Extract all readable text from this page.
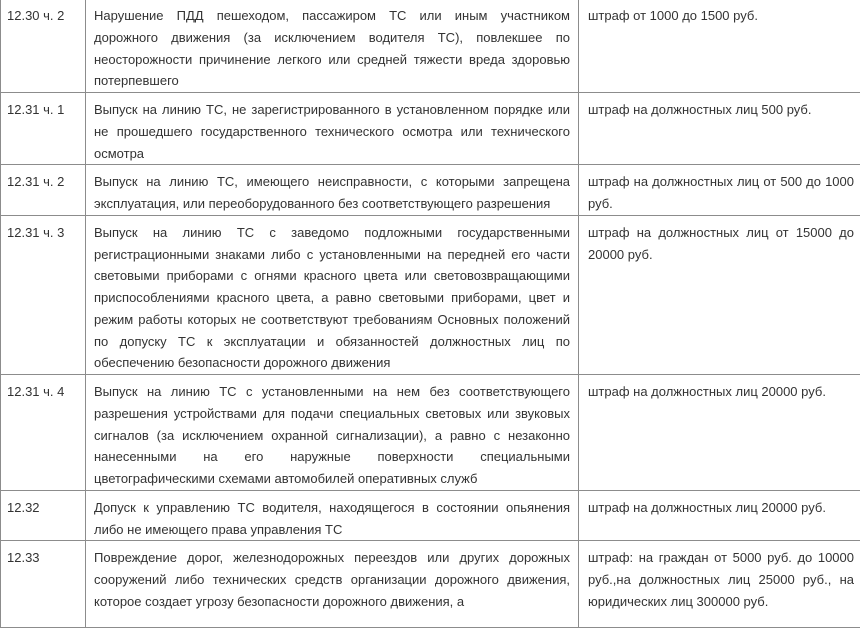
12.30 ч. 2	Нарушение ПДД пешеходом, пассажиром ТС или иным участником дорожного движения (за исключением водителя ТС), повлекшее по неосторожности причинение легкого или средней тяжести вреда здоровью потерпевшего	штраф от 1000 до 1500 руб.
12.31 ч. 1	Выпуск на линию ТС, не зарегистрированного в установленном порядке или не прошедшего государственного технического осмотра или технического осмотра	штраф на должностных лиц 500 руб.
12.31 ч. 2	Выпуск на линию ТС, имеющего неисправности, с которыми запрещена эксплуатация, или переоборудованного без соответствующего разрешения	штраф на должностных лиц от 500 до 1000 руб.
12.31 ч. 3	Выпуск на линию ТС с заведомо подложными государственными регистрационными знаками либо с установленными на передней его части световыми приборами с огнями красного цвета или световозвращающими приспособлениями красного цвета, а равно световыми приборами, цвет и режим работы которых не соответствуют требованиям Основных положений по допуску ТС к эксплуатации и обязанностей должностных лиц по обеспечению безопасности дорожного движения	штраф на должностных лиц от 15000 до 20000 руб.
12.31 ч. 4	Выпуск на линию ТС с установленными на нем без соответствующего разрешения устройствами для подачи специальных световых или звуковых сигналов (за исключением охранной сигнализации), а равно с незаконно нанесенными на его наружные поверхности специальными цветографическими схемами автомобилей оперативных служб	штраф на должностных лиц 20000 руб.
12.32	Допуск к управлению ТС водителя, находящегося в состоянии опьянения либо не имеющего права управления ТС	штраф на должностных лиц 20000 руб.
12.33	Повреждение дорог, железнодорожных переездов или других дорожных сооружений либо технических средств организации дорожного движения, которое создает угрозу безопасности дорожного движения, а	штраф: на граждан от 5000 руб. до 10000 руб.,на должностных лиц 25000 руб., на юридических лиц 300000 руб.
